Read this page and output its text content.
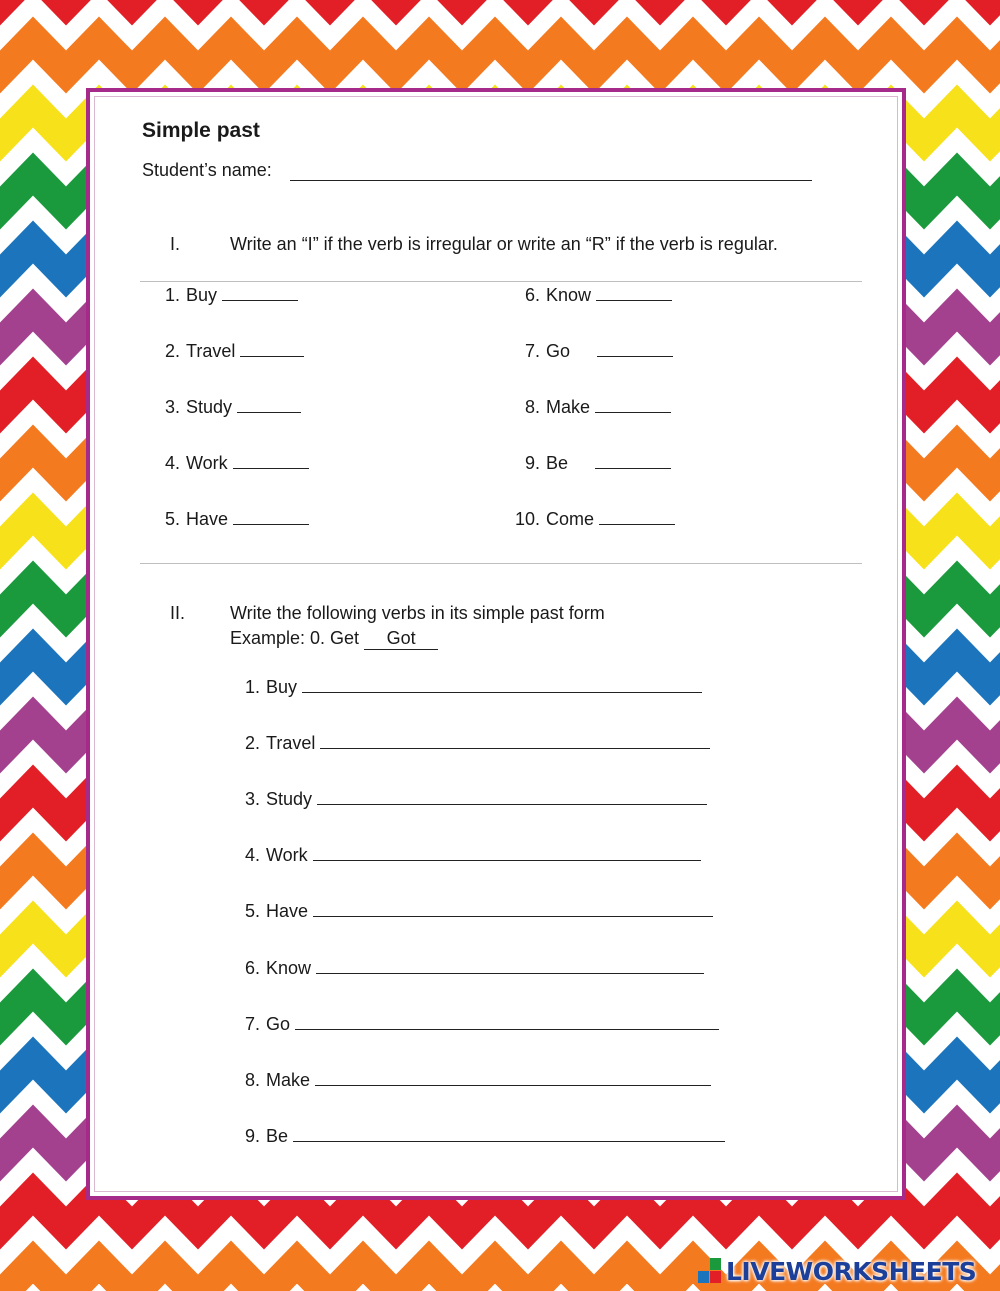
Simple past
Student’s name:
I.	Write an “I” if the verb is irregular or write an “R” if the verb is regular.
1. Buy
2. Travel
3. Study
4. Work
5. Have
6. Know
7. Go
8. Make
9. Be
10. Come
II. Write the following verbs in its simple past form
Example: 0. Get Got
1. Buy
2. Travel
3. Study
4. Work
5. Have
6. Know
7. Go
8. Make
9. Be
LIVEWORKSHEETS
